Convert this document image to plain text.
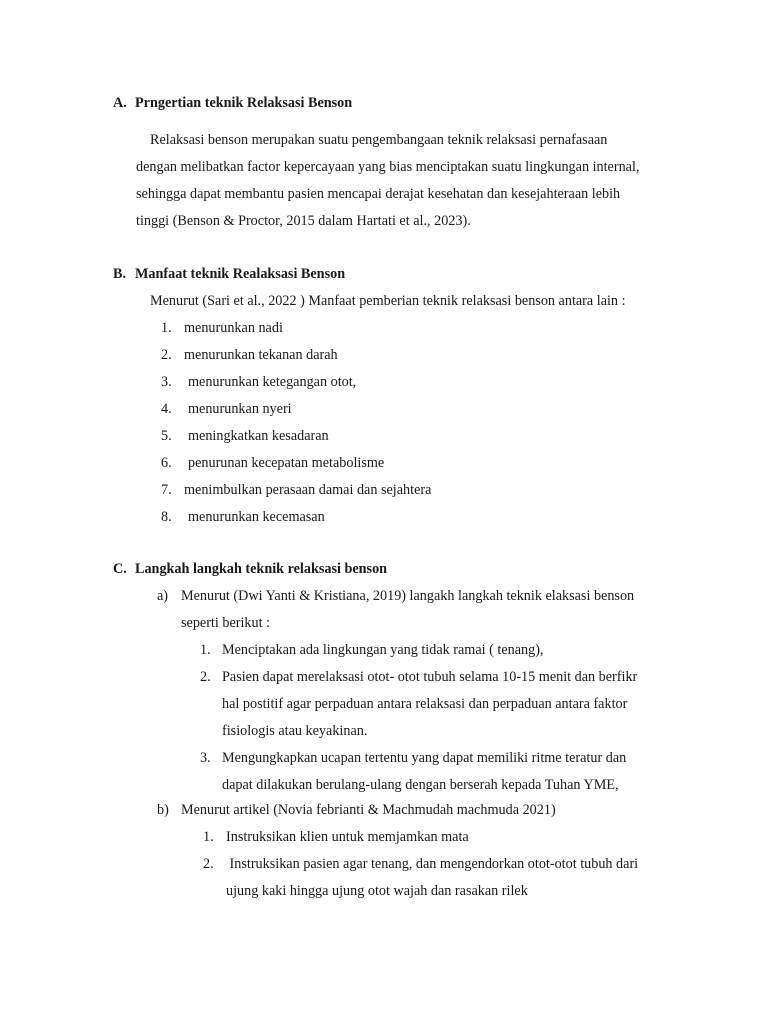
A. Prngertian teknik Relaksasi Benson
Relaksasi benson merupakan suatu pengembangaan teknik relaksasi pernafasaan
dengan melibatkan factor kepercayaan yang bias menciptakan suatu lingkungan internal,
sehingga dapat membantu pasien mencapai derajat kesehatan dan kesejahteraan lebih
tinggi (Benson & Proctor, 2015 dalam Hartati et al., 2023).
B. Manfaat teknik Realaksasi Benson
Menurut (Sari et al., 2022 ) Manfaat pemberian teknik relaksasi benson antara lain :
1. menurunkan nadi
2. menurunkan tekanan darah
3. menurunkan ketegangan otot,
4. menurunkan nyeri
5. meningkatkan kesadaran
6. penurunan kecepatan metabolisme
7. menimbulkan perasaan damai dan sejahtera
8. menurunkan kecemasan
C. Langkah langkah teknik relaksasi benson
a) Menurut (Dwi Yanti & Kristiana, 2019) langakh langkah teknik elaksasi benson
seperti berikut :
1. Menciptakan ada lingkungan yang tidak ramai ( tenang),
2. Pasien dapat merelaksasi otot- otot tubuh selama 10-15 menit dan berfikr
hal postitif agar perpaduan antara relaksasi dan perpaduan antara faktor
fisiologis atau keyakinan.
3. Mengungkapkan ucapan tertentu yang dapat memiliki ritme teratur dan
dapat dilakukan berulang-ulang dengan berserah kepada Tuhan YME,
b) Menurut artikel (Novia febrianti & Machmudah machmuda 2021)
1. Instruksikan klien untuk memjamkan mata
2. Instruksikan pasien agar tenang, dan mengendorkan otot-otot tubuh dari
ujung kaki hingga ujung otot wajah dan rasakan rilek
